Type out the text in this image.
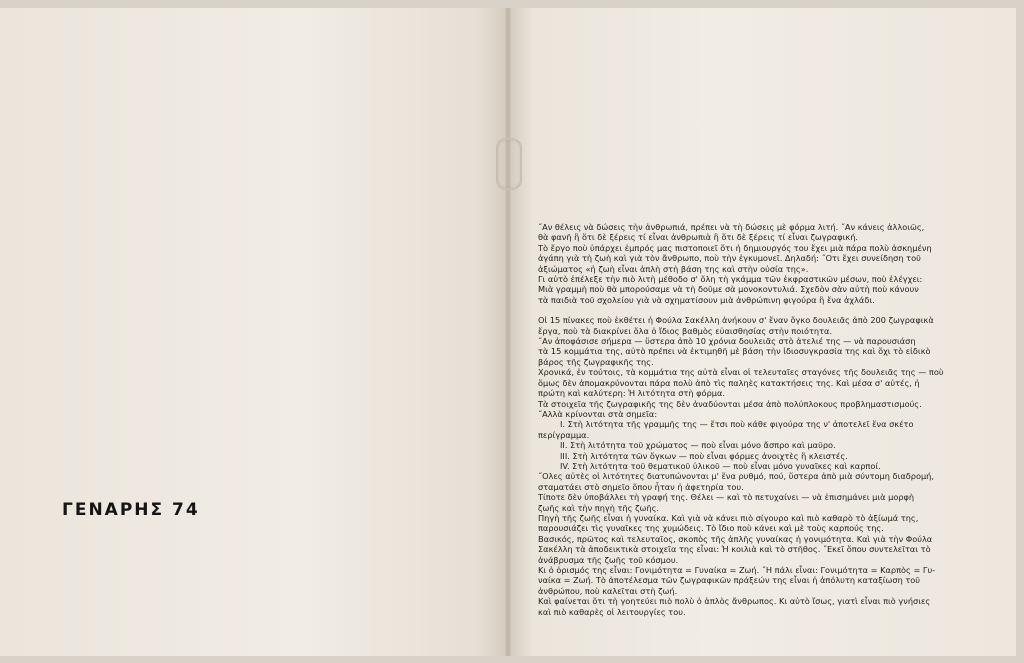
ΓΕΝΑΡΗΣ 74
˝Αν θέλεις νὰ δώσεις τὴν ἀνθρωπιά, πρέπει νὰ τὴ δώσεις μὲ φόρμα λιτή. ˝Αν κάνεις ἀλλοιῶς,
θὰ φανῆ ἢ ὅτι δὲ ξέρεις τί εἶναι ἀνθρωπιὰ ἢ ὅτι δὲ ξέρεις τί εἶναι ζωγραφική.
Τὸ ἔργο ποὺ ὑπάρχει ἐμπρός μας πιστοποιεῖ ὅτι ἡ δημιουργός του ἔχει μιὰ πάρα πολὺ ἀσκημένη
ἀγάπη γιὰ τὴ ζωὴ καὶ γιὰ τὸν ἄνθρωπο, ποὺ τὴν ἐγκυμονεῖ. Δηλαδή: ˝Οτι ἔχει συνείδηση τοῦ
ἀξιώματος «ἡ ζωὴ εἶναι ἁπλὴ στὴ βάση της καὶ στὴν οὐσία της».
Γι αὐτὸ ἐπέλεξε τὴν πιὸ λιτὴ μέθοδο σ' ὅλη τὴ γκάμμα τῶν ἐκφραστικῶν μέσων, ποὺ ἐλέγχει:
Μιὰ γραμμὴ ποὺ θὰ μπορούσαμε νὰ τὴ δοῦμε σὰ μονοκοντυλιά. Σχεδὸν σὰν αὐτὴ ποὺ κάνουν
τὰ παιδιὰ τοῦ σχολείου γιὰ νὰ σχηματίσουν μιὰ ἀνθρώπινη φιγούρα ἢ ἕνα ἀχλάδι.
Οἱ 15 πίνακες ποὺ ἐκθέτει ἡ Φούλα Σακέλλη ἀνήκουν σ' ἕναν ὄγκο δουλειᾶς ἀπὸ 200 ζωγραφικὰ
ἔργα, ποὺ τὰ διακρίνει ὅλα ὁ ἴδιος βαθμὸς εὐαισθησίας στὴν ποιότητα.
˝Αν ἀποφάσισε σήμερα — ὕστερα ἀπὸ 10 χρόνια δουλειᾶς στὸ ἀτελιέ της — νὰ παρουσιάση
τὰ 15 κομμάτια της, αὐτὸ πρέπει νὰ ἐκτιμηθῆ μὲ βάση τὴν ἰδιοσυγκρασία της καὶ ὄχι τὸ εἰδικὸ
βάρος τῆς ζωγραφικῆς της.
Χρονικά, ἐν τούτοις, τὰ κομμάτια της αὐτὰ εἶναι οἱ τελευταῖες σταγόνες τῆς δουλειᾶς της — ποὺ
ὅμως δὲν ἀπομακρύνονται πάρα πολὺ ἀπὸ τὶς παληὲς κατακτήσεις της. Καὶ μέσα σ' αὐτές, ἡ
πρώτη καὶ καλύτερη: Ἡ λιτότητα στὴ φόρμα.
Τὰ στοιχεῖα τῆς ζωγραφικῆς της δὲν ἀναδύονται μέσα ἀπὸ πολύπλοκους προβλημαστισμούς.
˝Αλλὰ κρίνονται στὰ σημεῖα:
I. Στὴ λιτότητα τῆς γραμμῆς της — ἔτσι ποὺ κάθε φιγούρα της ν' ἀποτελεῖ ἕνα σκέτο
περίγραμμα.
II. Στὴ λιτότητα τοῦ χρώματος — ποὺ εἶναι μόνο ἄσπρο καὶ μαῦρο.
III. Στὴ λιτότητα τῶν ὄγκων — ποὺ εἶναι φόρμες ἀνοιχτὲς ἢ κλειστές.
IV. Στὴ λιτότητα τοῦ θεματικοῦ ὑλικοῦ — ποὺ εἶναι μόνο γυναῖκες καὶ καρποί.
˝Ολες αὐτὲς οἱ λιτότητες διατυπώνονται μ' ἕνα ρυθμό, πού, ὕστερα ἀπὸ μιὰ σύντομη διαδρομή,
σταματάει στὸ σημεῖο ὅπου ἦταν ἡ ἀφετηρία του.
Τίποτε δὲν ὑποβάλλει τὴ γραφή της. Θέλει — καὶ τὸ πετυχαίνει — νὰ ἐπισημάνει μιὰ μορφὴ
ζωῆς καὶ τὴν πηγὴ τῆς ζωῆς.
Πηγὴ τῆς ζωῆς εἶναι ἡ γυναίκα. Καὶ γιὰ νὰ κάνει πιὸ σίγουρο καὶ πιὸ καθαρὸ τὸ ἀξίωμά της,
παρουσιάζει τὶς γυναῖκες της χυμώδεις. Τὸ ἴδιο ποὺ κάνει καὶ μὲ τοὺς καρπούς της.
Βασικός, πρῶτος καὶ τελευταῖος, σκοπὸς τῆς ἁπλῆς γυναίκας ἡ γονιμότητα. Καὶ γιὰ τὴν Φούλα
Σακέλλη τὰ ἀποδεικτικὰ στοιχεῖα της εἶναι: Ἡ κοιλιὰ καὶ τὸ στῆθος. ˝Εκεῖ ὅπου συντελεῖται τὸ
ἀνάβρυσμα τῆς ζωῆς τοῦ κόσμου.
Κι ὁ ὁρισμός της εἶναι: Γονιμότητα = Γυναίκα = Ζωή. ˝Η πάλι εἶναι: Γονιμότητα = Καρπὸς = Γυ-
ναίκα = Ζωή. Τὸ ἀποτέλεσμα τῶν ζωγραφικῶν πράξεών της εἶναι ἡ ἀπόλυτη καταξίωση τοῦ
ἀνθρώπου, ποὺ καλεῖται στὴ ζωή.
Καὶ φαίνεται ὅτι τὴ γοητεύει πιὸ πολὺ ὁ ἁπλὸς ἄνθρωπος. Κι αὐτὸ ἴσως, γιατὶ εἶναι πιὸ γνήσιες
καὶ πιὸ καθαρὲς οἱ λειτουργίες του.
